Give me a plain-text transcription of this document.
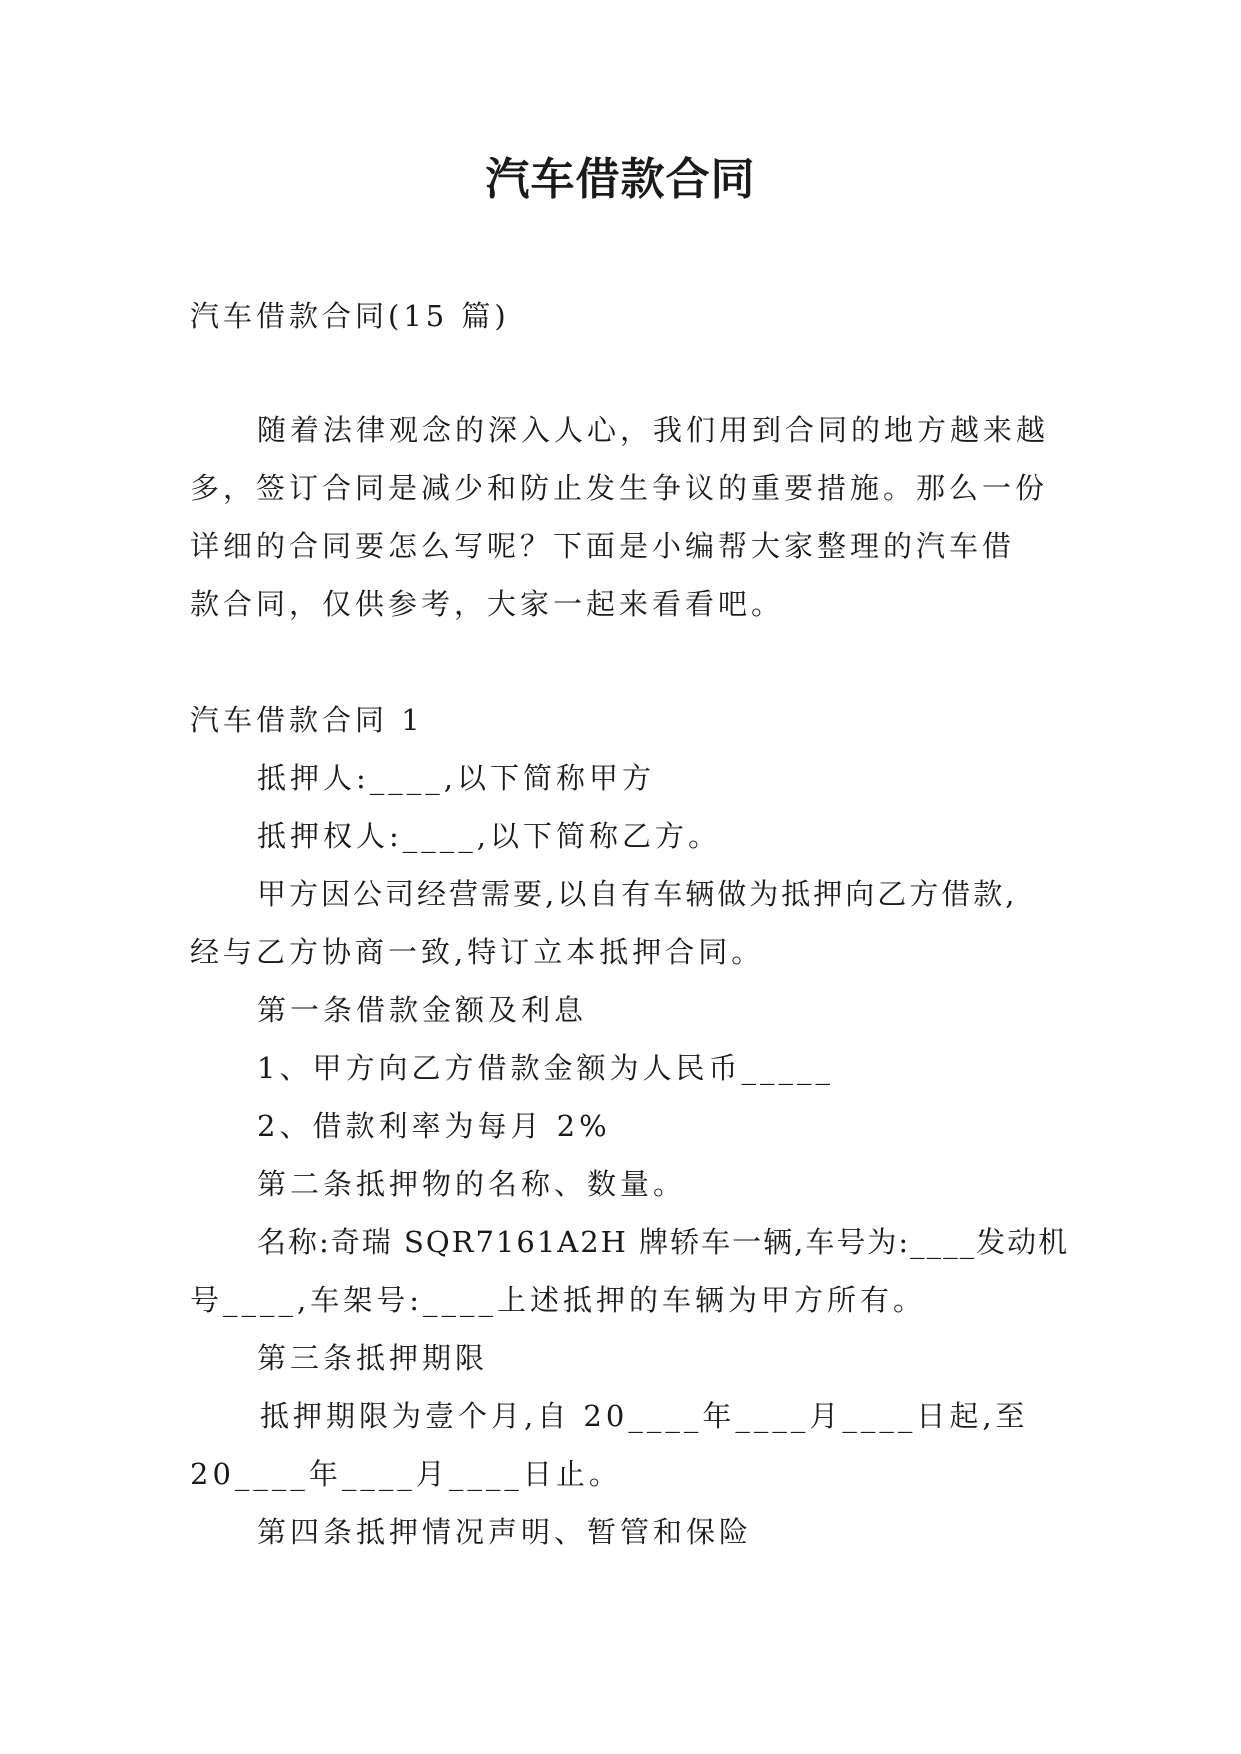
汽车借款合同
汽车借款合同(15 篇)
随着法律观念的深入人心，我们用到合同的地方越来越
多，签订合同是减少和防止发生争议的重要措施。那么一份
详细的合同要怎么写呢？下面是小编帮大家整理的汽车借
款合同，仅供参考，大家一起来看看吧。
汽车借款合同 1
抵押人:____,以下简称甲方
抵押权人:____,以下简称乙方。
甲方因公司经营需要,以自有车辆做为抵押向乙方借款,
经与乙方协商一致,特订立本抵押合同。
第一条借款金额及利息
1、甲方向乙方借款金额为人民币_____
2、借款利率为每月 2%
第二条抵押物的名称、数量。
名称:奇瑞 SQR7161A2H 牌轿车一辆,车号为:____发动机
号____,车架号:____上述抵押的车辆为甲方所有。
第三条抵押期限
抵押期限为壹个月,自 20____年____月____日起,至
20____年____月____日止。
第四条抵押情况声明、暂管和保险
